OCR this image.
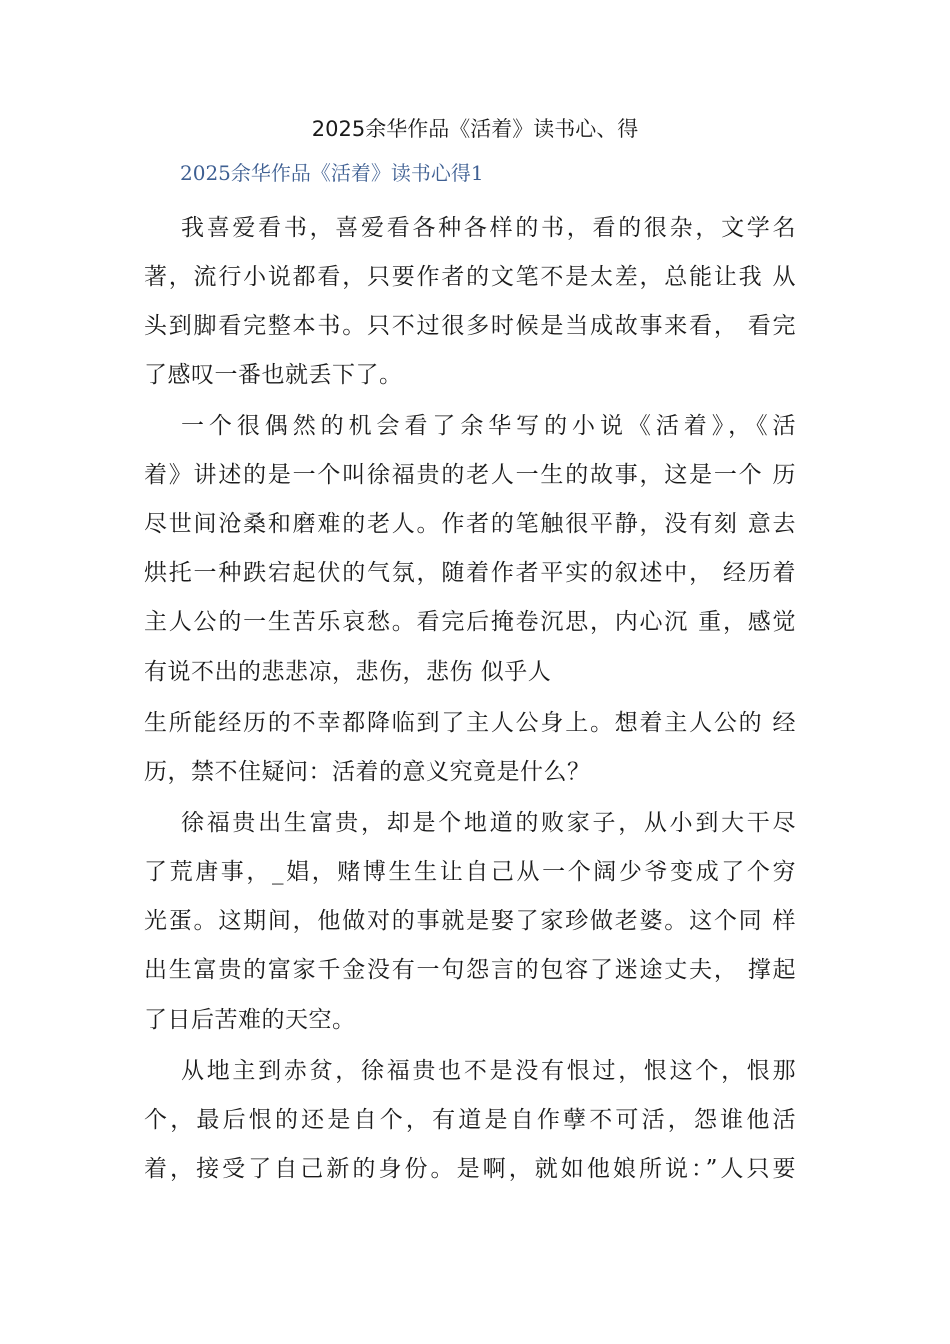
2025余华作品《活着》读书心、得
2025余华作品《活着》读书心得1
我喜爱看书，喜爱看各种各样的书，看的很杂，文学名
著，流行小说都看，只要作者的文笔不是太差，总能让我 从
头到脚看完整本书。只不过很多时候是当成故事来看， 看完
了感叹一番也就丢下了。
一个很偶然的机会看了余华写的小说《活着》，《活
着》讲述的是一个叫徐福贵的老人一生的故事，这是一个 历
尽世间沧桑和磨难的老人。作者的笔触很平静，没有刻 意去
烘托一种跌宕起伏的气氛，随着作者平实的叙述中， 经历着
主人公的一生苦乐哀愁。看完后掩卷沉思，内心沉 重，感觉
有说不出的悲悲凉，悲伤，悲伤 似乎人
生所能经历的不幸都降临到了主人公身上。想着主人公的 经
历，禁不住疑问：活着的意义究竟是什么？
徐福贵出生富贵，却是个地道的败家子，从小到大干尽
了荒唐事，_娼，赌博生生让自己从一个阔少爷变成了个穷
光蛋。这期间，他做对的事就是娶了家珍做老婆。这个同 样
出生富贵的富家千金没有一句怨言的包容了迷途丈夫， 撑起
了日后苦难的天空。
从地主到赤贫，徐福贵也不是没有恨过，恨这个，恨那
个，最后恨的还是自个，有道是自作孽不可活，怨谁他活
着，接受了自己新的身份。是啊，就如他娘所说：”人只要
